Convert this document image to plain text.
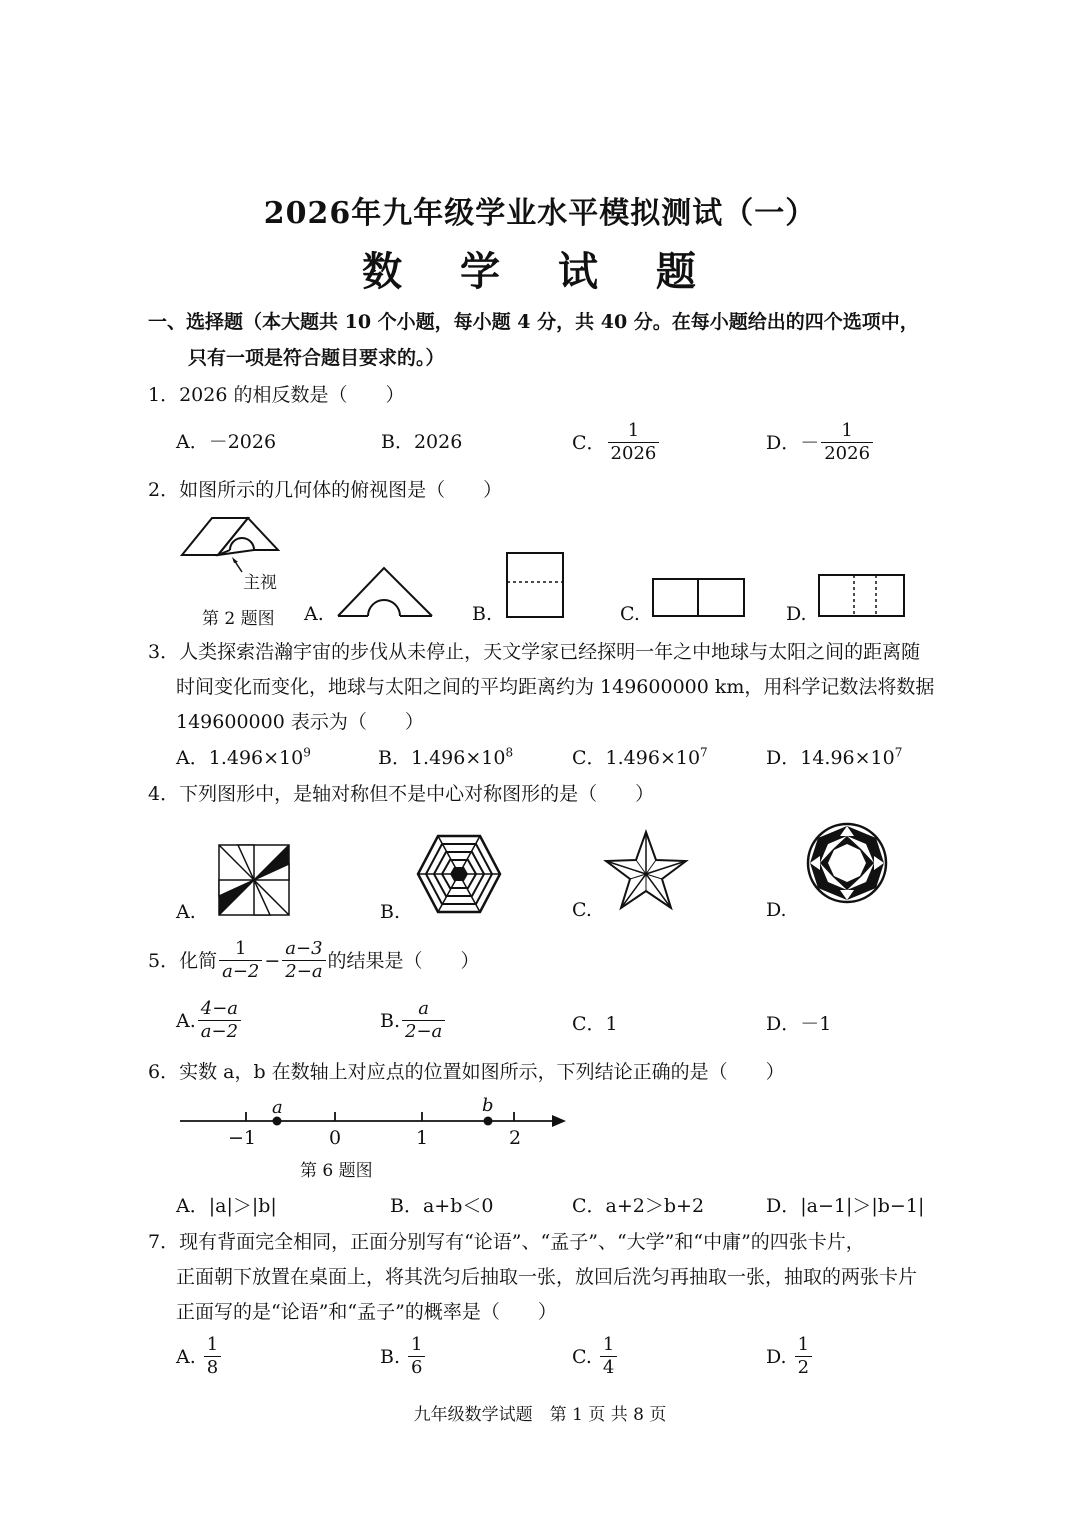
2026年九年级学业水平模拟测试（一）
数 学 试 题
一、选择题（本大题共 10 个小题，每小题 4 分，共 40 分。在每小题给出的四个选项中，
只有一项是符合题目要求的。）
1．2026 的相反数是（　　）
A．－2026	B．2026	C． $\frac{1}{2026}$	D．－ $\frac{1}{2026}$
2．如图所示的几何体的俯视图是（　　）
主视
第 2 题图 A.	B.	C.	D.
3．人类探索浩瀚宇宙的步伐从未停止，天文学家已经探明一年之中地球与太阳之间的距离随
时间变化而变化，地球与太阳之间的平均距离约为 149600000 km，用科学记数法将数据
149600000 表示为（　　）
A．$1.496\times 10^9$	B．$1.496\times 10^8$	C．$1.496\times 10^7$	D．$14.96\times 10^7$
4．下列图形中，是轴对称但不是中心对称图形的是（　　）
A.	B.	C.	D.
5．化简 $\frac{1}{a-2} - \frac{a-3}{2-a}$ 的结果是（　　）
A. $\frac{4-a}{a-2}$	B. $\frac{a}{2-a}$	C．1	D．－1
6．实数 a，b 在数轴上对应点的位置如图所示，下列结论正确的是（　　）
a	b
−1	0	1	2
第 6 题图
A．|a|＞|b|	B．a+b＜0	C．a+2＞b+2	D．|a−1|＞|b−1|
7．现有背面完全相同，正面分别写有“论语”、“孟子”、“大学”和“中庸”的四张卡片，
正面朝下放置在桌面上，将其洗匀后抽取一张，放回后洗匀再抽取一张，抽取的两张卡片
正面写的是“论语”和“孟子”的概率是（　　）
A. $\frac{1}{8}$	B. $\frac{1}{6}$	C. $\frac{1}{4}$	D. $\frac{1}{2}$
九年级数学试题　第 1 页 共 8 页
